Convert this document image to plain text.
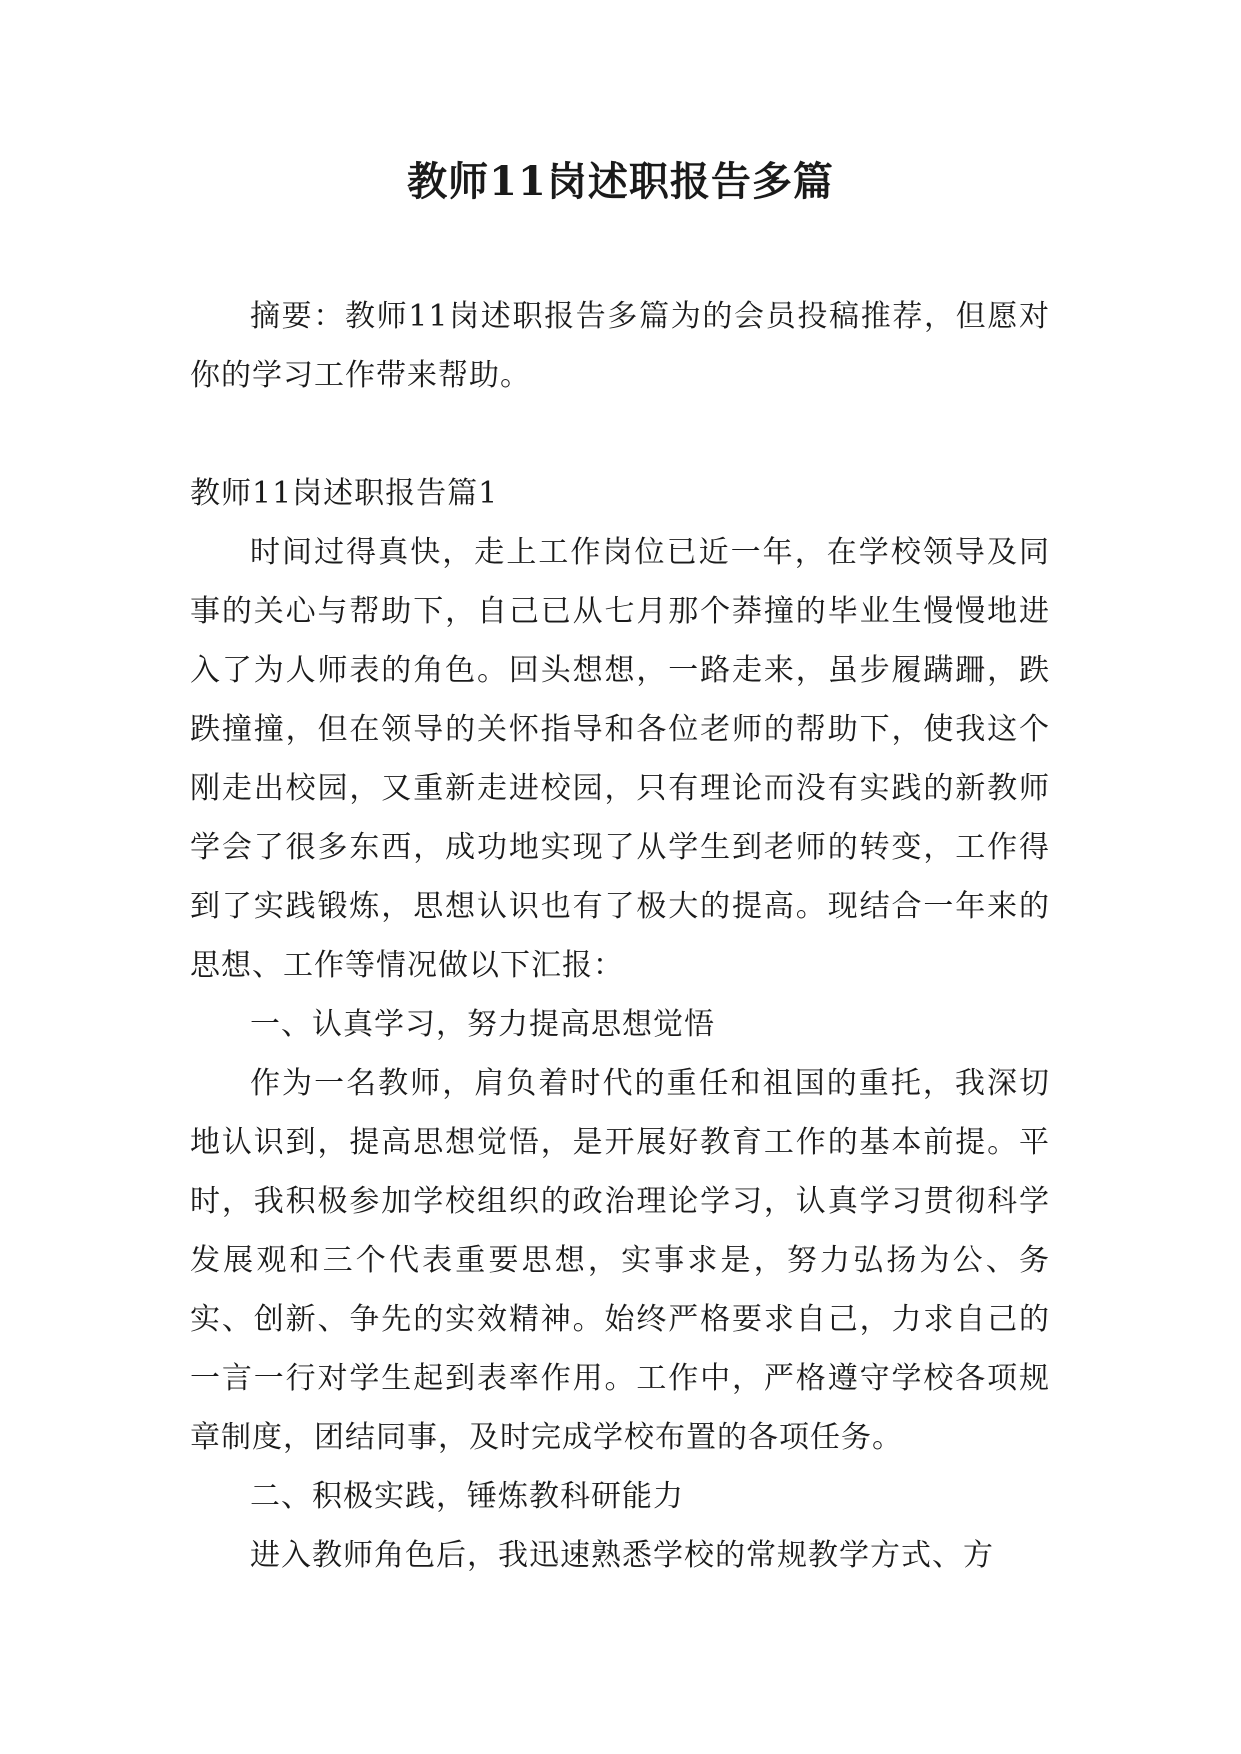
教师11岗述职报告多篇

摘要：教师11岗述职报告多篇为的会员投稿推荐，但愿对你的学习工作带来帮助。

教师11岗述职报告篇1

时间过得真快，走上工作岗位已近一年，在学校领导及同事的关心与帮助下，自己已从七月那个莽撞的毕业生慢慢地进入了为人师表的角色。回头想想，一路走来，虽步履蹒跚，跌跌撞撞，但在领导的关怀指导和各位老师的帮助下，使我这个刚走出校园，又重新走进校园，只有理论而没有实践的新教师学会了很多东西，成功地实现了从学生到老师的转变，工作得到了实践锻炼，思想认识也有了极大的提高。现结合一年来的思想、工作等情况做以下汇报：

一、认真学习，努力提高思想觉悟

作为一名教师，肩负着时代的重任和祖国的重托，我深切地认识到，提高思想觉悟，是开展好教育工作的基本前提。平时，我积极参加学校组织的政治理论学习，认真学习贯彻科学发展观和三个代表重要思想，实事求是，努力弘扬为公、务实、创新、争先的实效精神。始终严格要求自己，力求自己的一言一行对学生起到表率作用。工作中，严格遵守学校各项规章制度，团结同事，及时完成学校布置的各项任务。

二、积极实践，锤炼教科研能力

进入教师角色后，我迅速熟悉学校的常规教学方式、方
